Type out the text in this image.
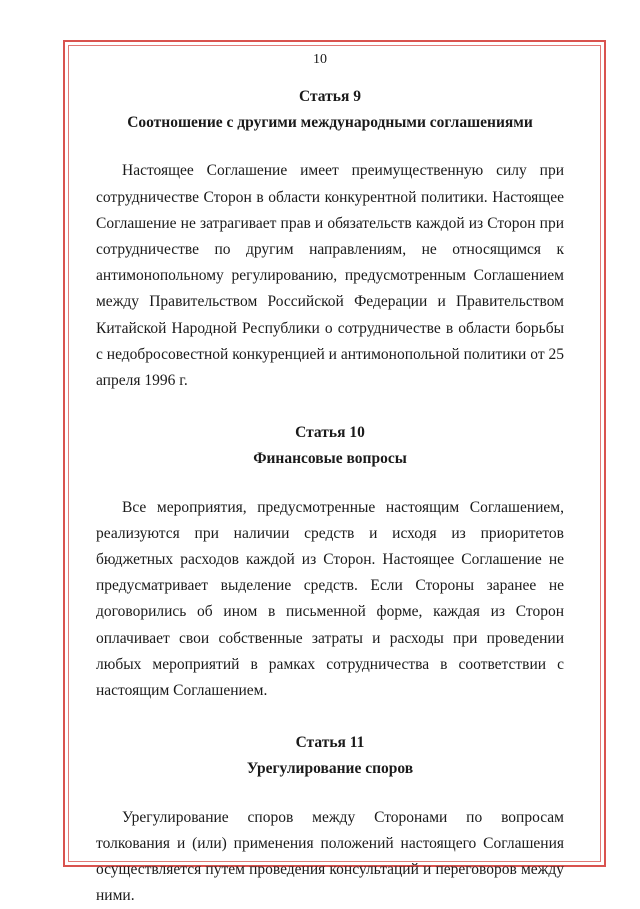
10
Статья 9
Соотношение с другими международными соглашениями

Настоящее Соглашение имеет преимущественную силу при сотрудничестве Сторон в области конкурентной политики. Настоящее Соглашение не затрагивает прав и обязательств каждой из Сторон при сотрудничестве по другим направлениям, не относящимся к антимонопольному регулированию, предусмотренным Соглашением между Правительством Российской Федерации и Правительством Китайской Народной Республики о сотрудничестве в области борьбы с недобросовестной конкуренцией и антимонопольной политики от 25 апреля 1996 г.

Статья 10
Финансовые вопросы

Все мероприятия, предусмотренные настоящим Соглашением, реализуются при наличии средств и исходя из приоритетов бюджетных расходов каждой из Сторон. Настоящее Соглашение не предусматривает выделение средств. Если Стороны заранее не договорились об ином в письменной форме, каждая из Сторон оплачивает свои собственные затраты и расходы при проведении любых мероприятий в рамках сотрудничества в соответствии с настоящим Соглашением.

Статья 11
Урегулирование споров

Урегулирование споров между Сторонами по вопросам толкования и (или) применения положений настоящего Соглашения осуществляется путем проведения консультаций и переговоров между ними.
